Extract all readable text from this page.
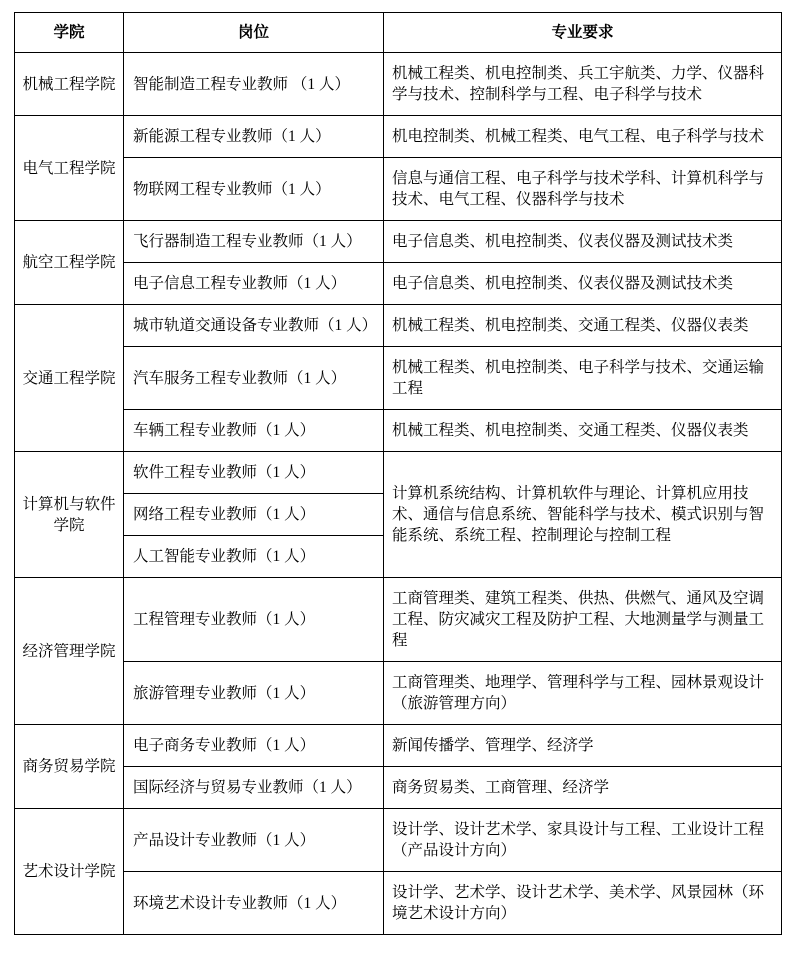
学院	岗位	专业要求
机械工程学院	智能制造工程专业教师 （1 人）	机械工程类、机电控制类、兵工宇航类、力学、仪器科学与技术、控制科学与工程、电子科学与技术
电气工程学院	新能源工程专业教师（1 人）	机电控制类、机械工程类、电气工程、电子科学与技术
	物联网工程专业教师（1 人）	信息与通信工程、电子科学与技术学科、计算机科学与技术、电气工程、仪器科学与技术
航空工程学院	飞行器制造工程专业教师（1 人）	电子信息类、机电控制类、仪表仪器及测试技术类
	电子信息工程专业教师（1 人）	电子信息类、机电控制类、仪表仪器及测试技术类
交通工程学院	城市轨道交通设备专业教师（1 人）	机械工程类、机电控制类、交通工程类、仪器仪表类
	汽车服务工程专业教师（1 人）	机械工程类、机电控制类、电子科学与技术、交通运输工程
	车辆工程专业教师（1 人）	机械工程类、机电控制类、交通工程类、仪器仪表类
计算机与软件学院	软件工程专业教师（1 人）	计算机系统结构、计算机软件与理论、计算机应用技术、通信与信息系统、智能科学与技术、模式识别与智能系统、系统工程、控制理论与控制工程
	网络工程专业教师（1 人）	
	人工智能专业教师（1 人）	
经济管理学院	工程管理专业教师（1 人）	工商管理类、建筑工程类、供热、供燃气、通风及空调工程、防灾减灾工程及防护工程、大地测量学与测量工程
	旅游管理专业教师（1 人）	工商管理类、地理学、管理科学与工程、园林景观设计（旅游管理方向）
商务贸易学院	电子商务专业教师（1 人）	新闻传播学、管理学、经济学
	国际经济与贸易专业教师（1 人）	商务贸易类、工商管理、经济学
艺术设计学院	产品设计专业教师（1 人）	设计学、设计艺术学、家具设计与工程、工业设计工程（产品设计方向）
	环境艺术设计专业教师（1 人）	设计学、艺术学、设计艺术学、美术学、风景园林（环境艺术设计方向）
